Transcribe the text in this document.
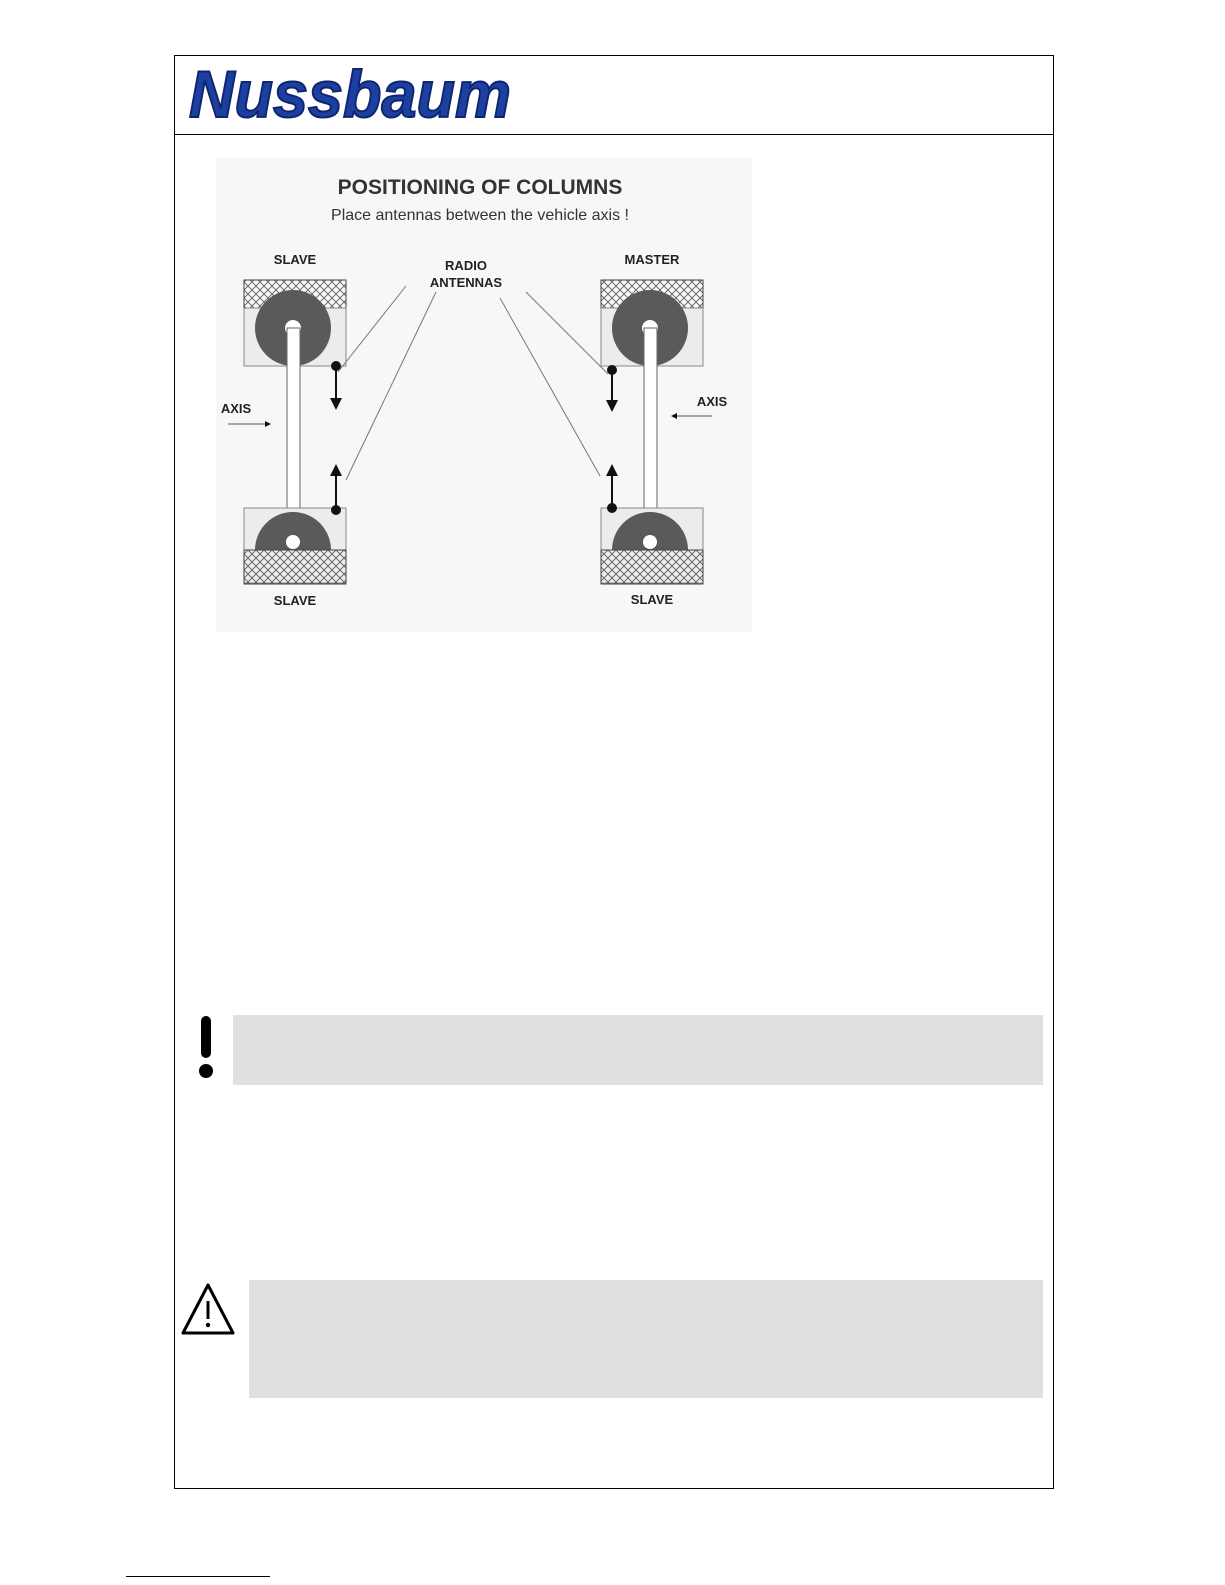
Nussbaum
POSITIONING OF COLUMNS
Place antennas between the vehicle axis !
SLAVE	MASTER
RADIO
ANTENNAS
AXIS	AXIS
SLAVE	SLAVE
